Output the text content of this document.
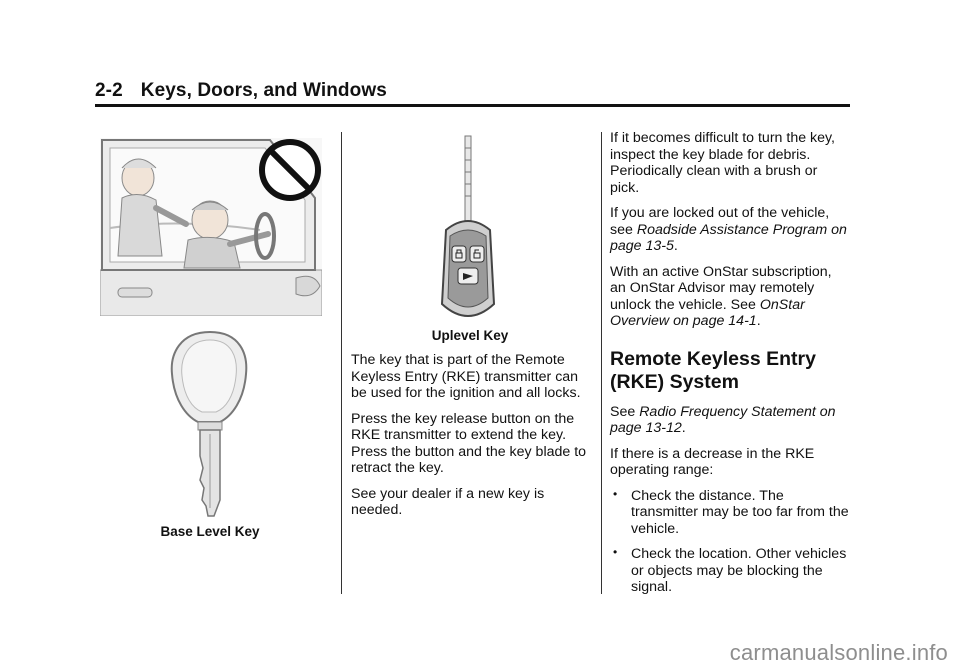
2-2 Keys, Doors, and Windows
Base Level Key
Uplevel Key

The key that is part of the Remote Keyless Entry (RKE) transmitter can be used for the ignition and all locks.

Press the key release button on the RKE transmitter to extend the key. Press the button and the key blade to retract the key.

See your dealer if a new key is needed.

If it becomes difficult to turn the key, inspect the key blade for debris. Periodically clean with a brush or pick.

If you are locked out of the vehicle, see Roadside Assistance Program on page 13-5.

With an active OnStar subscription, an OnStar Advisor may remotely unlock the vehicle. See OnStar Overview on page 14-1.

Remote Keyless Entry (RKE) System

See Radio Frequency Statement on page 13-12.

If there is a decrease in the RKE operating range:

• Check the distance. The transmitter may be too far from the vehicle.
• Check the location. Other vehicles or objects may be blocking the signal.
carmanualsonline.info
